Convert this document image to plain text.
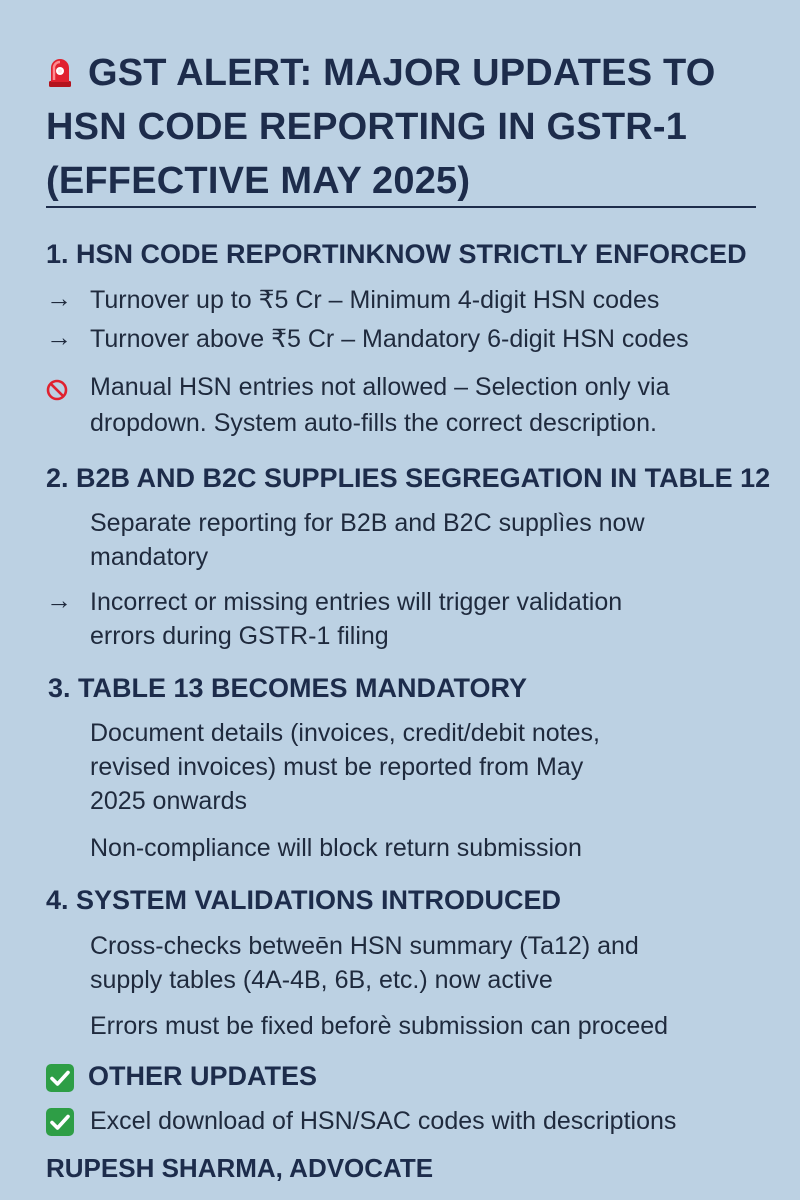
GST ALERT: MAJOR UPDATES TO
HSN CODE REPORTING IN GSTR-1
(EFFECTIVE MAY 2025)
1. HSN CODE REPORTINKNOW STRICTLY ENFORCED
→ Turnover up to ₹5 Cr – Minimum 4-digit HSN codes
→ Turnover above ₹5 Cr – Mandatory 6-digit HSN codes
Manual HSN entries not allowed – Selection only via
dropdown. System auto-fills the correct description.
2. B2B AND B2C SUPPLIES SEGREGATION IN TABLE 12
Separate reporting for B2B and B2C supplìes now
mandatory
→ Incorrect or missing entries will trigger validation
errors during GSTR-1 filing
3. TABLE 13 BECOMES MANDATORY
Document details (invoices, credit/debit notes,
revised invoices) must be reported from May
2025 onwards
Non-compliance will block return submission
4. SYSTEM VALIDATIONS INTRODUCED
Cross-checks betweēn HSN summary (Ta12) and
supply tables (4A-4B, 6B, etc.) now active
Errors must be fixed beforè submission can proceed
OTHER UPDATES
Excel download of HSN/SAC codes with descriptions
RUPESH SHARMA, ADVOCATE
